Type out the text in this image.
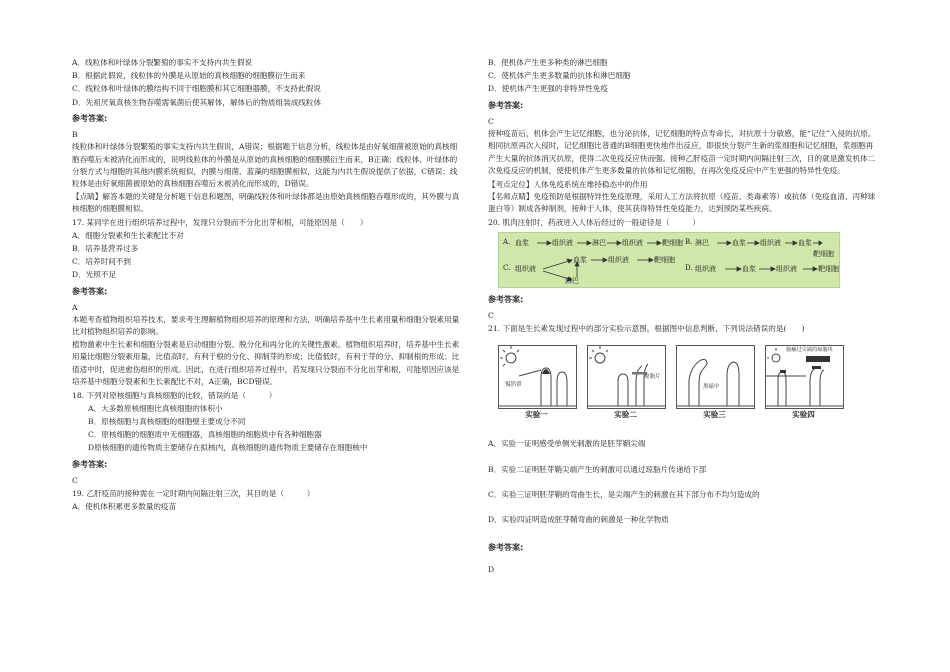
A．线粒体和叶绿体分裂繁殖的事实不支持内共生假说

B．根据此假说，线粒体的外膜是从原始的真核细胞的细胞膜衍生而来

C．线粒体和叶绿体的膜结构不同于细胞膜和其它细胞器膜，不支持此假说

D．先祖厌氧真核生物吞噬需氧菌后使其解体，解体后的物质组装成线粒体

参考答案:

B

线粒体和叶绿体分裂繁殖的事实支持内共生假说，A错误；根据题干信息分析，线粒体是由好氧细菌被原始的真核细胞吞噬后未被消化而形成的，说明线粒体的外膜是从原始的真核细胞的细胞膜衍生而来，B正确；线粒体、叶绿体的分裂方式与细胞的其他内膜系统相似，内膜与细菌、蓝藻的细胞膜相似，这能为内共生假说提供了依据，C错误；线粒体是由好氧细菌被原始的真核细胞吞噬后未被消化而形成的，D错误。

【点睛】解答本题的关键是分析题干信息和题图，明确线粒体和叶绿体都是由原始真核细胞吞噬形成的，其外膜与真核细胞的细胞膜相似。

17. 某同学在进行组织培养过程中，发现只分裂而不分化出芽和根，可能原因是（　　）

A．细胞分裂素和生长素配比不对

B．培养基营养过多

C．培养时间不到

D．光照不足

参考答案:

A

本题考查植物组织培养技术，要求考生理解植物组织培养的原理和方法，明确培养基中生长素用量和细胞分裂素用量比对植物组织培养的影响。

植物激素中生长素和细胞分裂素是启动细胞分裂、脱分化和再分化的关键性激素。植物组织培养时，培养基中生长素用量比细胞分裂素用量，比值高时，有利于根的分化、抑制芽的形成；比值低时，有利于芽的分、抑制根的形成；比值适中时，促进愈伤组织的形成。因此，在进行组织培养过程中，若发现只分裂而不分化出芽和根，可能原因应该是培养基中细胞分裂素和生长素配比不对，A正确，BCD错误。

18. 下列对原核细胞与真核细胞的比较，错误的是（　　　）

A．大多数原核细胞比真核细胞的体积小

B．原核细胞与真核细胞的细胞壁主要成分不同

C．原核细胞的细胞质中无细胞器，真核细胞的细胞质中有各种细胞器

D原核细胞的遗传物质主要储存在拟核内，真核细胞的遗传物质主要储存在细胞核中

参考答案:

C

19. 乙肝疫苗的接种需在一定时期内间隔注射三次，其目的是（　　　）

A．使机体积累更多数量的疫苗

B．使机体产生更多种类的淋巴细胞

C．使机体产生更多数量的抗体和淋巴细胞

D．使机体产生更强的非特异性免疫

参考答案:

C

接种疫苗后，机体会产生记忆细胞，也分泌抗体，记忆细胞的特点寿命长，对抗原十分敏感，能“记住”入侵的抗原。相同抗原再次入侵时，记忆细胞比普通的B细胞更快地作出反应，即很快分裂产生新的浆细胞和记忆细胞，浆细胞再产生大量的抗体消灭抗原，使得二次免疫反应快而强。接种乙肝疫苗一定时期内间隔注射三次，目的就是激发机体二次免疫反应的机制，使使机体产生更多数量的抗体和记忆细胞，在再次免疫反应中产生更强的特异性免疫。

【考点定位】人体免疫系统在维持稳态中的作用

【名师点睛】免疫预防是根据特异性免疫原理，采用人工方法将抗原（疫苗、类毒素等）或抗体（免疫血清、丙种球蛋白等）制成各种制剂，接种于人体，使其获得特异性免疫能力，达到预防某些疾病。

20. 肌肉注射时，药液进入人体后经过的一般途径是（　　　）

A. 血浆	组织液	淋巴 组织液	靶细胞 B. 淋巴	血浆 组织液 血浆
靶细胞
C. 组织液
血浆	组织液	靶细胞
淋巴
D. 组织液	血浆	组织液	靶细胞

参考答案:

C

21. 下面是生长素发现过程中的部分实验示意图，根据图中信息判断，下列说法错误的是(　　)

锡箔罩
琼脂片
黑暗中
接触过尖端的琼脂块
实验一	实验二	实验三	实验四

A．实验一证明感受单侧光刺激的是胚芽鞘尖端

B．实验二证明胚芽鞘尖端产生的刺激可以通过琼脂片传递给下部

C．实验三证明胚芽鞘的弯曲生长，是尖端产生的刺激在其下部分布不均匀造成的

D．实验四证明造成胚芽鞘弯曲的刺激是一种化学物质

参考答案:

D
